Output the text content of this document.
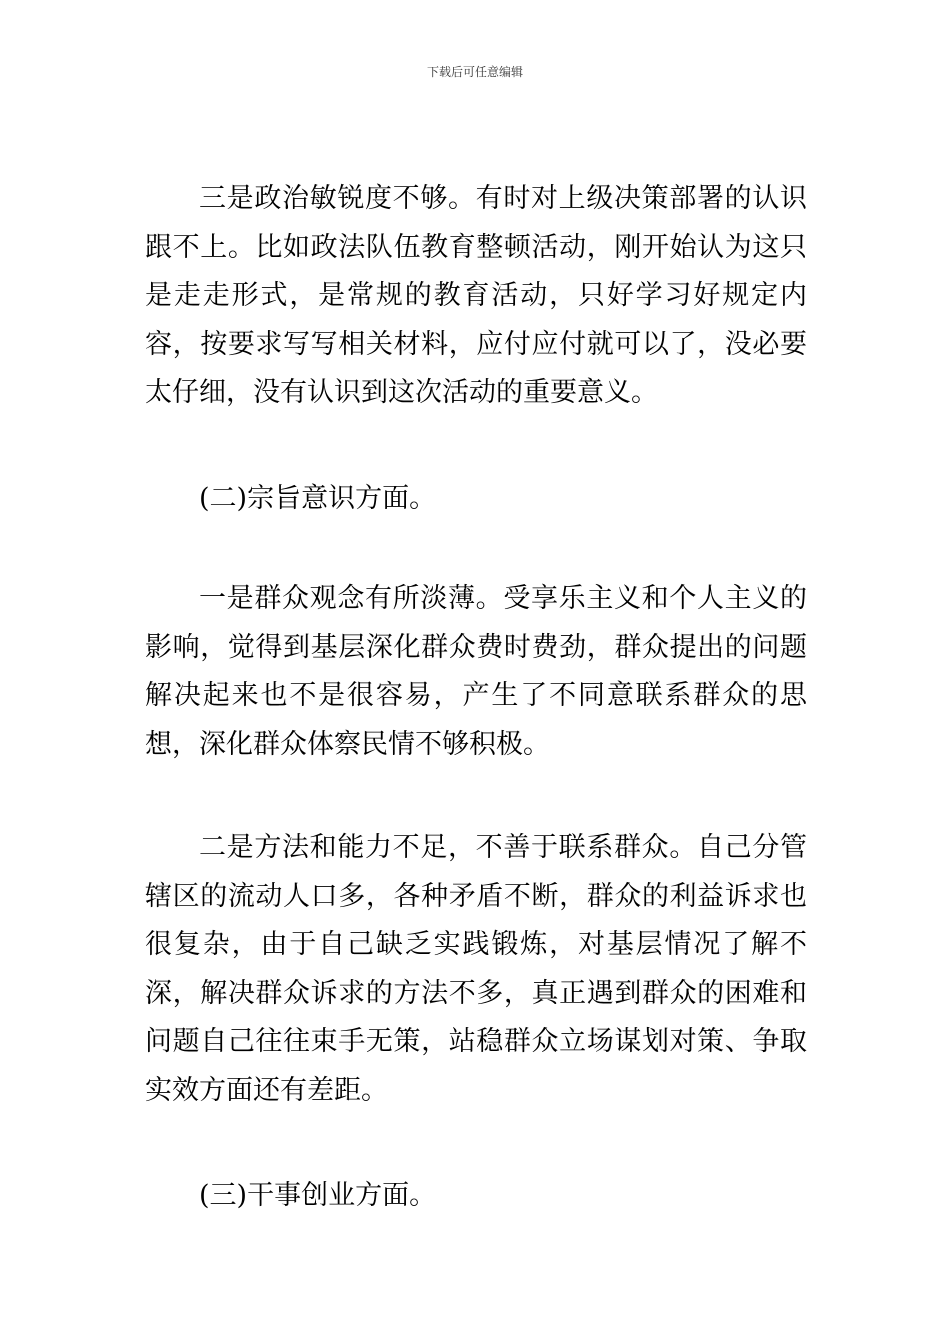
下载后可任意编辑

三是政治敏锐度不够。有时对上级决策部署的认识跟不上。比如政法队伍教育整顿活动，刚开始认为这只是走走形式，是常规的教育活动，只好学习好规定内容，按要求写写相关材料，应付应付就可以了，没必要太仔细，没有认识到这次活动的重要意义。

(二)宗旨意识方面。

一是群众观念有所淡薄。受享乐主义和个人主义的影响，觉得到基层深化群众费时费劲，群众提出的问题解决起来也不是很容易，产生了不同意联系群众的思想，深化群众体察民情不够积极。

二是方法和能力不足，不善于联系群众。自己分管辖区的流动人口多，各种矛盾不断，群众的利益诉求也很复杂，由于自己缺乏实践锻炼，对基层情况了解不深，解决群众诉求的方法不多，真正遇到群众的困难和问题自己往往束手无策，站稳群众立场谋划对策、争取实效方面还有差距。

(三)干事创业方面。
